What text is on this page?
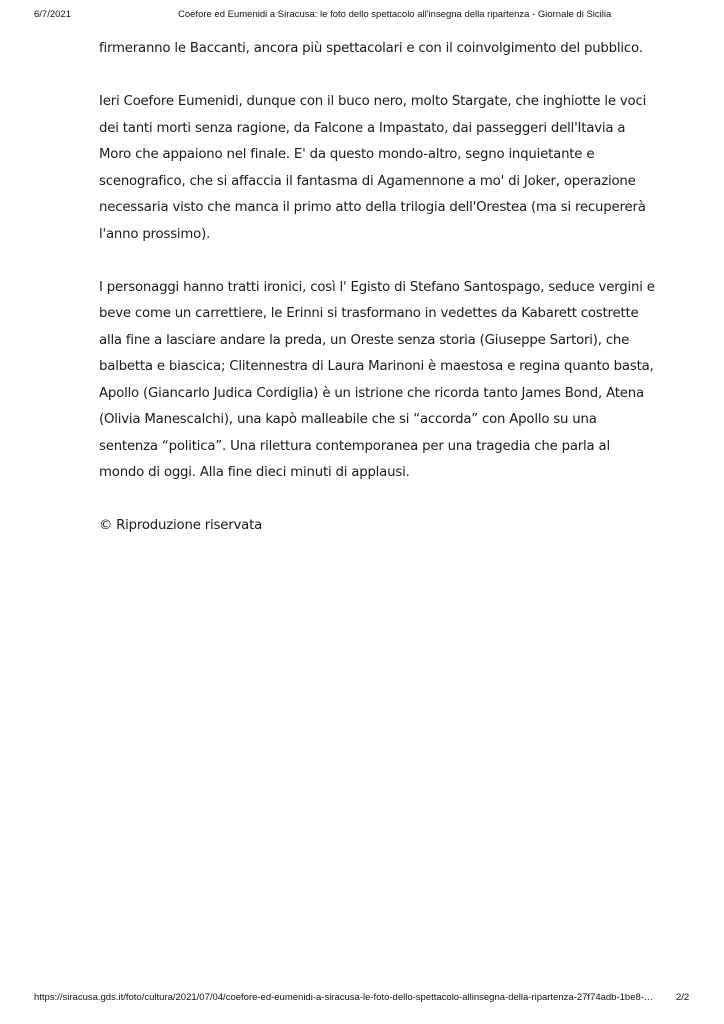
6/7/2021	Coefore ed Eumenidi a Siracusa: le foto dello spettacolo all'insegna della ripartenza - Giornale di Sicilia

firmeranno le Baccanti, ancora più spettacolari e con il coinvolgimento del pubblico.

Ieri Coefore Eumenidi, dunque con il buco nero, molto Stargate, che inghiotte le voci dei tanti morti senza ragione, da Falcone a Impastato, dai passeggeri dell'Itavia a Moro che appaiono nel finale. E' da questo mondo-altro, segno inquietante e scenografico, che si affaccia il fantasma di Agamennone a mo' di Joker, operazione necessaria visto che manca il primo atto della trilogia dell'Orestea (ma si recupererà l'anno prossimo).

I personaggi hanno tratti ironici, così l' Egisto di Stefano Santospago, seduce vergini e beve come un carrettiere, le Erinni si trasformano in vedettes da Kabarett costrette alla fine a lasciare andare la preda, un Oreste senza storia (Giuseppe Sartori), che balbetta e biascica; Clitennestra di Laura Marinoni è maestosa e regina quanto basta, Apollo (Giancarlo Judica Cordiglia) è un istrione che ricorda tanto James Bond, Atena (Olivia Manescalchi), una kapò malleabile che si “accorda” con Apollo su una sentenza “politica”. Una rilettura contemporanea per una tragedia che parla al mondo di oggi. Alla fine dieci minuti di applausi.

© Riproduzione riservata

https://siracusa.gds.it/foto/cultura/2021/07/04/coefore-ed-eumenidi-a-siracusa-le-foto-dello-spettacolo-allinsegna-della-ripartenza-27f74adb-1be8-…	2/2
